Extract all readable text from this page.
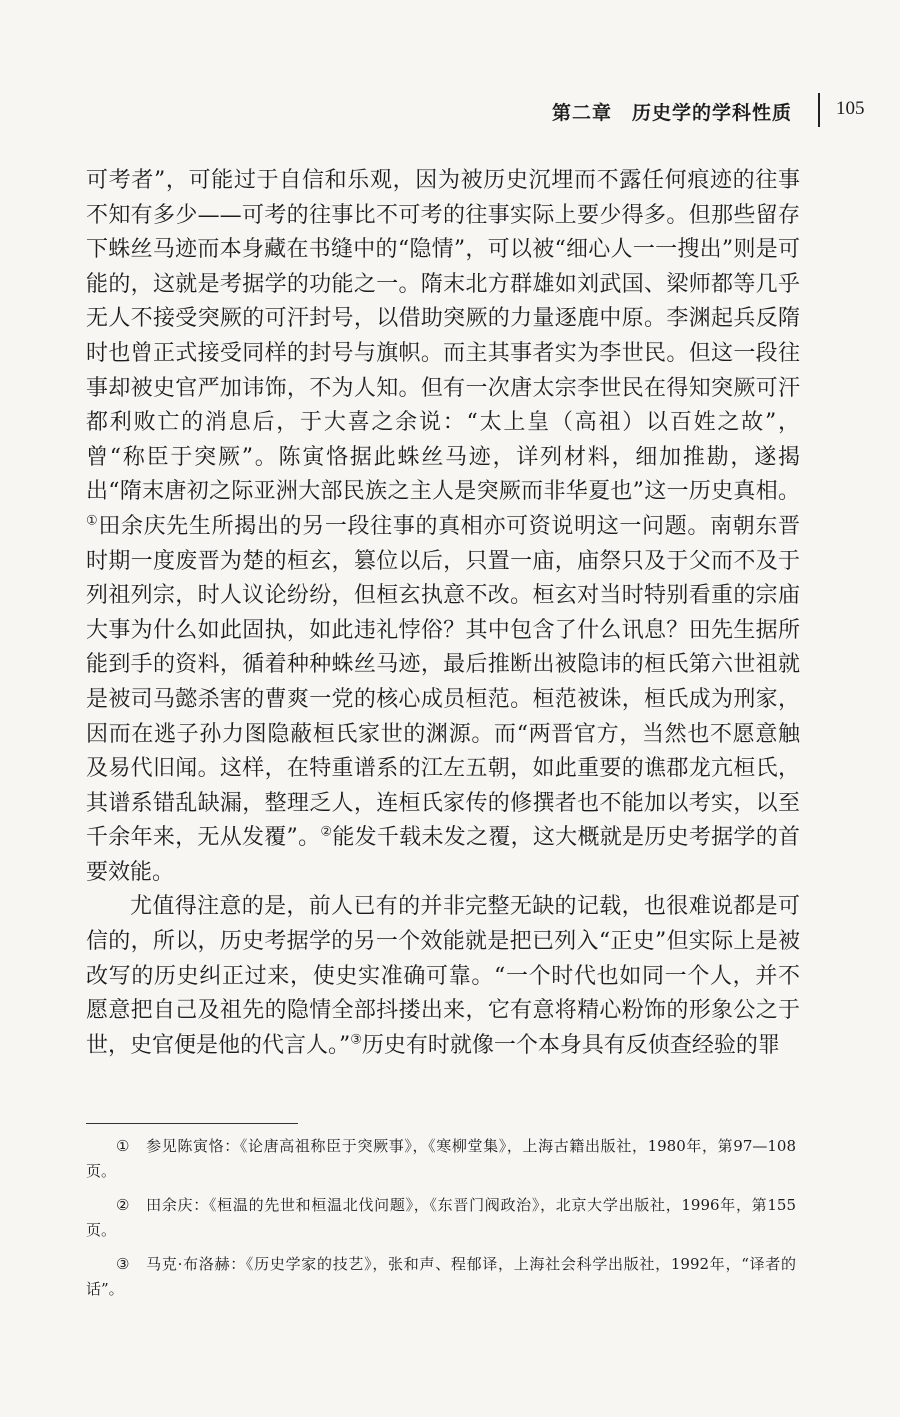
第二章　历史学的学科性质 105

可考者”，可能过于自信和乐观，因为被历史沉埋而不露任何痕迹的往事不知有多少——可考的往事比不可考的往事实际上要少得多。但那些留存下蛛丝马迹而本身藏在书缝中的“隐情”，可以被“细心人一一搜出”则是可能的，这就是考据学的功能之一。隋末北方群雄如刘武国、梁师都等几乎无人不接受突厥的可汗封号，以借助突厥的力量逐鹿中原。李渊起兵反隋时也曾正式接受同样的封号与旗帜。而主其事者实为李世民。但这一段往事却被史官严加讳饰，不为人知。但有一次唐太宗李世民在得知突厥可汗都利败亡的消息后，于大喜之余说：“太上皇（高祖）以百姓之故”，曾“称臣于突厥”。陈寅恪据此蛛丝马迹，详列材料，细加推勘，遂揭出“隋末唐初之际亚洲大部民族之主人是突厥而非华夏也”这一历史真相。①田余庆先生所揭出的另一段往事的真相亦可资说明这一问题。南朝东晋时期一度废晋为楚的桓玄，篡位以后，只置一庙，庙祭只及于父而不及于列祖列宗，时人议论纷纷，但桓玄执意不改。桓玄对当时特别看重的宗庙大事为什么如此固执，如此违礼悖俗？其中包含了什么讯息？田先生据所能到手的资料，循着种种蛛丝马迹，最后推断出被隐讳的桓氏第六世祖就是被司马懿杀害的曹爽一党的核心成员桓范。桓范被诛，桓氏成为刑家，因而在逃子孙力图隐蔽桓氏家世的渊源。而“两晋官方，当然也不愿意触及易代旧闻。这样，在特重谱系的江左五朝，如此重要的谯郡龙亢桓氏，其谱系错乱缺漏，整理乏人，连桓氏家传的修撰者也不能加以考实，以至千余年来，无从发覆”。②能发千载未发之覆，这大概就是历史考据学的首要效能。

尤值得注意的是，前人已有的并非完整无缺的记载，也很难说都是可信的，所以，历史考据学的另一个效能就是把已列入“正史”但实际上是被改写的历史纠正过来，使史实准确可靠。“一个时代也如同一个人，并不愿意把自己及祖先的隐情全部抖搂出来，它有意将精心粉饰的形象公之于世，史官便是他的代言人。”③历史有时就像一个本身具有反侦查经验的罪

① 参见陈寅恪：《论唐高祖称臣于突厥事》，《寒柳堂集》，上海古籍出版社，1980年，第97—108页。

② 田余庆：《桓温的先世和桓温北伐问题》，《东晋门阀政治》，北京大学出版社，1996年，第155页。

③ 马克·布洛赫：《历史学家的技艺》，张和声、程郁译，上海社会科学出版社，1992年，“译者的话”。
